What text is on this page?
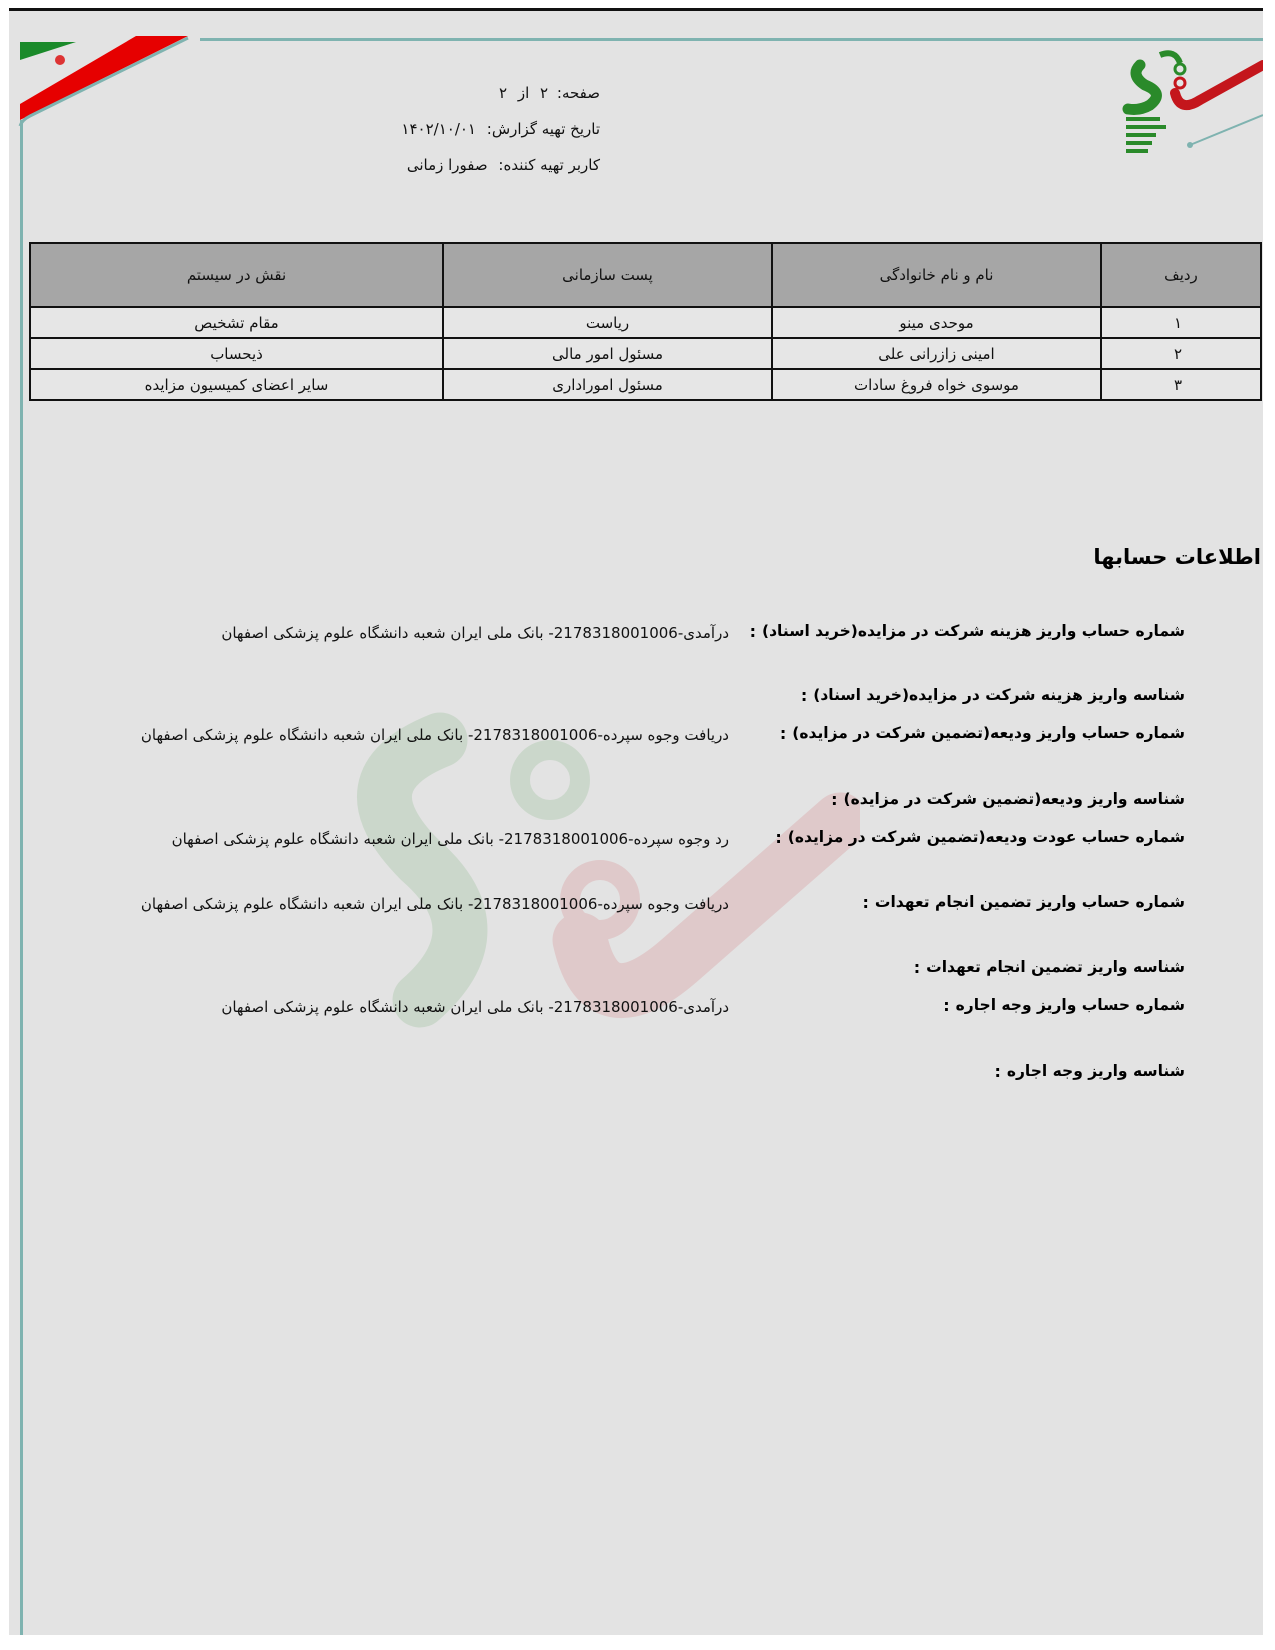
صفحه: ۲ از ۲
تاریخ تهیه گزارش: ۱۴۰۲/۱۰/۰۱
کاربر تهیه کننده: صفورا زمانی
ردیف	نام و نام خانوادگی	پست سازمانی	نقش در سیستم
۱	موحدی مینو	ریاست	مقام تشخیص
۲	امینی زازرانی علی	مسئول امور مالی	ذیحساب
۳	موسوی خواه فروغ سادات	مسئول اموراداری	سایر اعضای کمیسیون مزایده
اطلاعات حسابها
شماره حساب واریز هزینه شرکت در مزایده(خرید اسناد)
:
درآمدی-2178318001006- بانک ملی ایران شعبه دانشگاه علوم پزشکی اصفهان
شناسه واریز هزینه شرکت در مزایده(خرید اسناد)
:
شماره حساب واریز ودیعه(تضمین شرکت در مزایده)
:
دریافت وجوه سپرده-2178318001006- بانک ملی ایران شعبه دانشگاه علوم پزشکی اصفهان
شناسه واریز ودیعه(تضمین شرکت در مزایده)
:
شماره حساب عودت ودیعه(تضمین شرکت در مزایده)
:
رد وجوه سپرده-2178318001006- بانک ملی ایران شعبه دانشگاه علوم پزشکی اصفهان
شماره حساب واریز تضمین انجام تعهدات
:
دریافت وجوه سپرده-2178318001006- بانک ملی ایران شعبه دانشگاه علوم پزشکی اصفهان
شناسه واریز تضمین انجام تعهدات
:
شماره حساب واریز وجه اجاره
:
درآمدی-2178318001006- بانک ملی ایران شعبه دانشگاه علوم پزشکی اصفهان
شناسه واریز وجه اجاره
:
